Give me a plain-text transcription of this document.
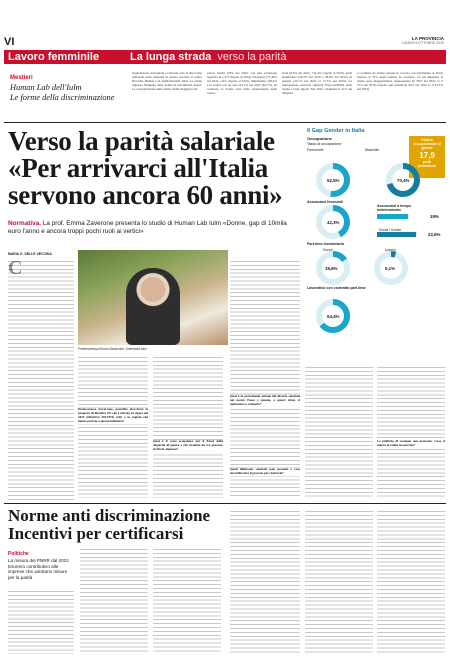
VI	LA PROVINCIA
LUNEDÌ 6 OTTOBRE 2025
Lavoro femminile	La lunga strada verso la parità
Mestieri
Human Lab dell'Iulm
Le forme della discriminazione
Segnalazione orizzontale e verticale sono al due forme principali della disparità di genere secondo il centro Ricerche Human Lab dell'Università Iulm. La prima riguarda l'impiego delle donne in determinati settori. La concentrazione delle donne risulta maggiore nel
settori Sanità (78% nel 2022, con una variazione negativa di 1,3% rispetto al 2010), Istruzione (77,44% nel 2022, 1,9% rispetto al 2010), Immobiliare (48,4% e in settori con un calo del 4% nel 2022 (62,7%). Al contrario, le donne sono nella rappresentate nelle costru-
zioni (8,6% nel 2022, +24,4% rispetto al 2010), nella manifattura (29,3% nel 2010 e 28,8% nel 2022) ed energia (23,1% nel 2022 vs 17,5% nel 2010). La segregazione verticale riguarda l'inaccessibilità delle donne a ruoli apicali. Nel 2022, solamente il 21% dei dirigenti
è costituito da donne (seppur in crescita con riferimento al 2010) rispetto al 79% degli uomini. In contrasto, tra gli impiegati le donne sono maggiormente rappresentate (il 58% nel 2022 vs il 57% nel 2010) rispetto agli uomini (il 42% nel 2022 vs il 43,3% nel 2010).
Verso la parità salariale «Per arrivarci all'Italia servono ancora 60 anni»
Normativa. La prof. Emma Zaverone presenta lo studio di Human Lab Iulm «Donne, gap di 10mila euro l'anno e ancora troppi pochi ruoli ai vertici»
Il Gap Gender in Italia
Occupazione
Tasso di occupazione
Femminile	Maschile
Divario
occupazionale di genere
17,9
punti
percentuali
52,5%	70,4%
Assunzioni femminili
42,3%
Assunzioni a tempo indeterminato
18%
Donne / Uomini
22,6%
Part-time involontario
Donne
15,6%
Uomini
5,1%
Lavoratrici con contratto part-time
64,4%
MARIA G. DELLE VECCHIA
Professoressa Emma Zavarrone, Università Iulm
Professoressa Zavarrone, potrebbe descrivere la proposta di direttiva UE che è entrata in vigore nel 2023 (Direttiva 2023/970, ndr) e le ragioni che hanno portato a questa iniziativa?
Qual è il costo economico per il Paese della disparità di genere e che ricadute ha tra persone, territori, imprese?
Qual è la percentuale attuale del divario salariale nel nostro Paese e quanto, a questi ritmi, ci metteremo a colmarlo?
Quali differenze salariali sono presenti e cosa dovrebbe fare il governo per risolverle?
Le politiche di sostegno non mancano. Cosa ci manca la realtà in concreto?
Norme anti discriminazione Incentivi per certificarsi
Politiche
La misura del PNRR dal 2022 Esonero contributivo alle imprese che adottano misure per la parità
